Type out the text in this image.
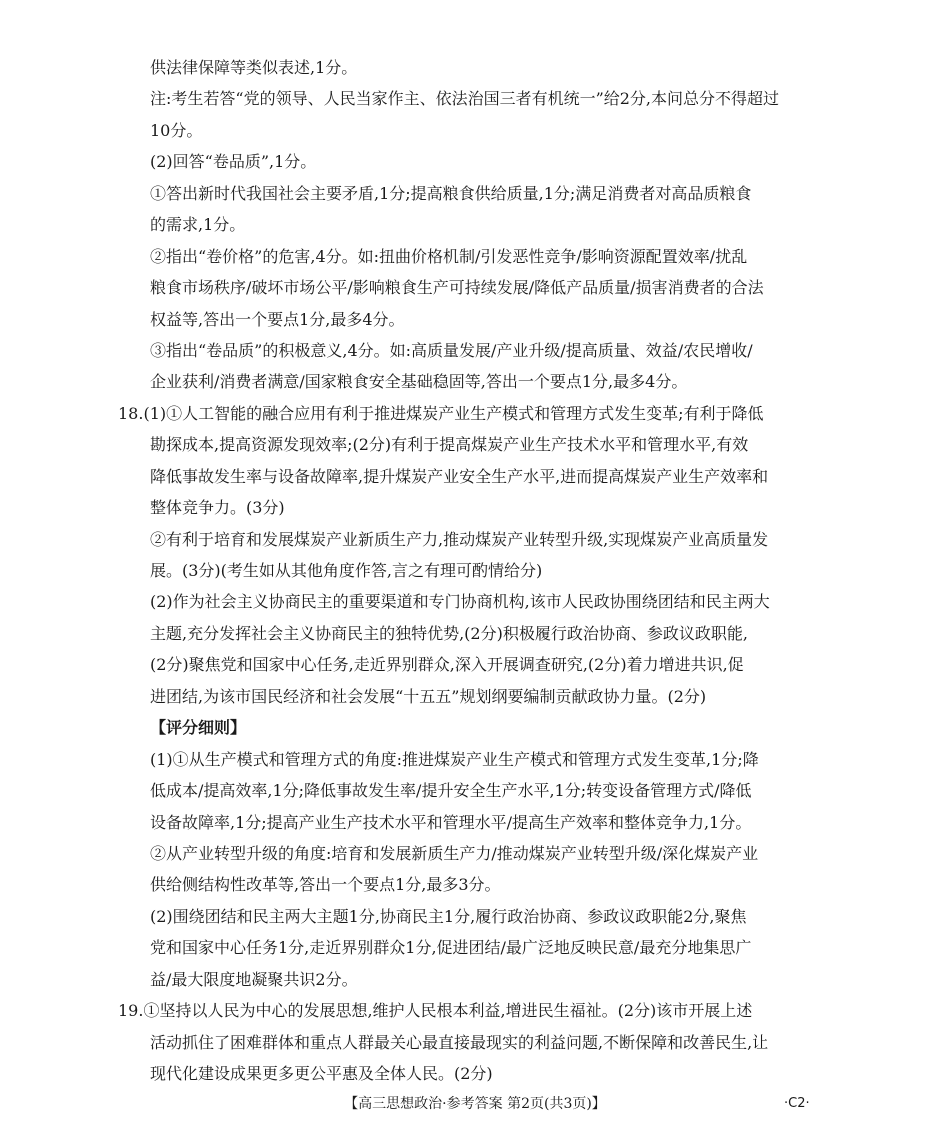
供法律保障等类似表述,1分。
注:考生若答“党的领导、人民当家作主、依法治国三者有机统一”给2分,本问总分不得超过
10分。
(2)回答“卷品质”,1分。
①答出新时代我国社会主要矛盾,1分;提高粮食供给质量,1分;满足消费者对高品质粮食
的需求,1分。
②指出“卷价格”的危害,4分。如:扭曲价格机制/引发恶性竞争/影响资源配置效率/扰乱
粮食市场秩序/破坏市场公平/影响粮食生产可持续发展/降低产品质量/损害消费者的合法
权益等,答出一个要点1分,最多4分。
③指出“卷品质”的积极意义,4分。如:高质量发展/产业升级/提高质量、效益/农民增收/
企业获利/消费者满意/国家粮食安全基础稳固等,答出一个要点1分,最多4分。
18.(1)①人工智能的融合应用有利于推进煤炭产业生产模式和管理方式发生变革;有利于降低
勘探成本,提高资源发现效率;(2分)有利于提高煤炭产业生产技术水平和管理水平,有效
降低事故发生率与设备故障率,提升煤炭产业安全生产水平,进而提高煤炭产业生产效率和
整体竞争力。(3分)
②有利于培育和发展煤炭产业新质生产力,推动煤炭产业转型升级,实现煤炭产业高质量发
展。(3分)(考生如从其他角度作答,言之有理可酌情给分)
(2)作为社会主义协商民主的重要渠道和专门协商机构,该市人民政协围绕团结和民主两大
主题,充分发挥社会主义协商民主的独特优势,(2分)积极履行政治协商、参政议政职能,
(2分)聚焦党和国家中心任务,走近界别群众,深入开展调查研究,(2分)着力增进共识,促
进团结,为该市国民经济和社会发展“十五五”规划纲要编制贡献政协力量。(2分)
【评分细则】
(1)①从生产模式和管理方式的角度:推进煤炭产业生产模式和管理方式发生变革,1分;降
低成本/提高效率,1分;降低事故发生率/提升安全生产水平,1分;转变设备管理方式/降低
设备故障率,1分;提高产业生产技术水平和管理水平/提高生产效率和整体竞争力,1分。
②从产业转型升级的角度:培育和发展新质生产力/推动煤炭产业转型升级/深化煤炭产业
供给侧结构性改革等,答出一个要点1分,最多3分。
(2)围绕团结和民主两大主题1分,协商民主1分,履行政治协商、参政议政职能2分,聚焦
党和国家中心任务1分,走近界别群众1分,促进团结/最广泛地反映民意/最充分地集思广
益/最大限度地凝聚共识2分。
19.①坚持以人民为中心的发展思想,维护人民根本利益,增进民生福祉。(2分)该市开展上述
活动抓住了困难群体和重点人群最关心最直接最现实的利益问题,不断保障和改善民生,让
【高三思想政治·参考答案 第2页(共3页)】	·C2·
现代化建设成果更多更公平惠及全体人民。(2分)
